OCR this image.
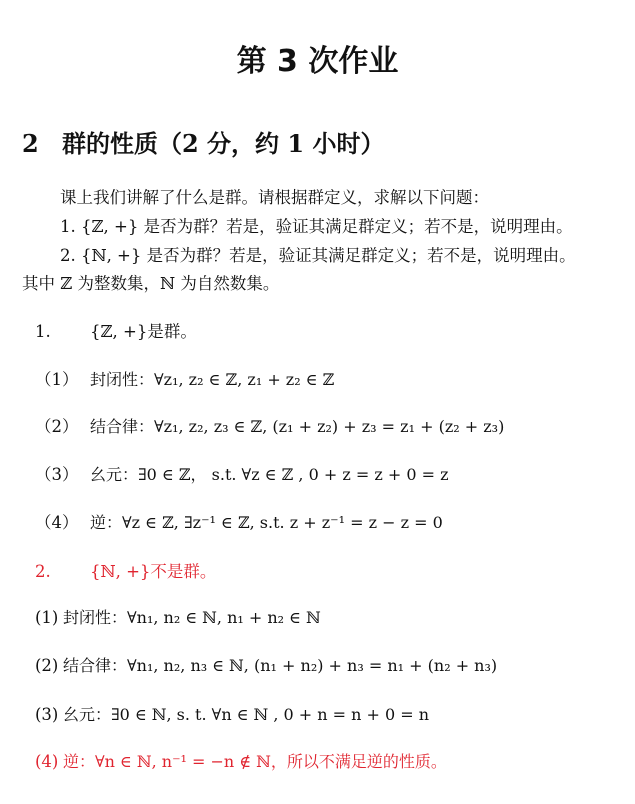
第 3 次作业
2 群的性质（2 分，约 1 小时）
课上我们讲解了什么是群。请根据群定义，求解以下问题：
1. {ℤ, +} 是否为群？若是，验证其满足群定义；若不是，说明理由。
2. {ℕ, +} 是否为群？若是，验证其满足群定义；若不是，说明理由。
其中 ℤ 为整数集，ℕ 为自然数集。
1. {ℤ, +}是群。
（1） 封闭性：∀z₁, z₂ ∈ ℤ, z₁ + z₂ ∈ ℤ
（2） 结合律：∀z₁, z₂, z₃ ∈ ℤ, (z₁ + z₂) + z₃ = z₁ + (z₂ + z₃)
（3） 幺元：∃0 ∈ ℤ， s.t. ∀z ∈ ℤ , 0 + z = z + 0 = z
（4） 逆：∀z ∈ ℤ, ∃z⁻¹ ∈ ℤ, s.t. z + z⁻¹ = z − z = 0
2. {ℕ, +}不是群。
(1) 封闭性：∀n₁, n₂ ∈ ℕ, n₁ + n₂ ∈ ℕ
(2) 结合律：∀n₁, n₂, n₃ ∈ ℕ, (n₁ + n₂) + n₃ = n₁ + (n₂ + n₃)
(3) 幺元：∃0 ∈ ℕ, s. t. ∀n ∈ ℕ , 0 + n = n + 0 = n
(4) 逆：∀n ∈ ℕ, n⁻¹ = −n ∉ ℕ，所以不满足逆的性质。
